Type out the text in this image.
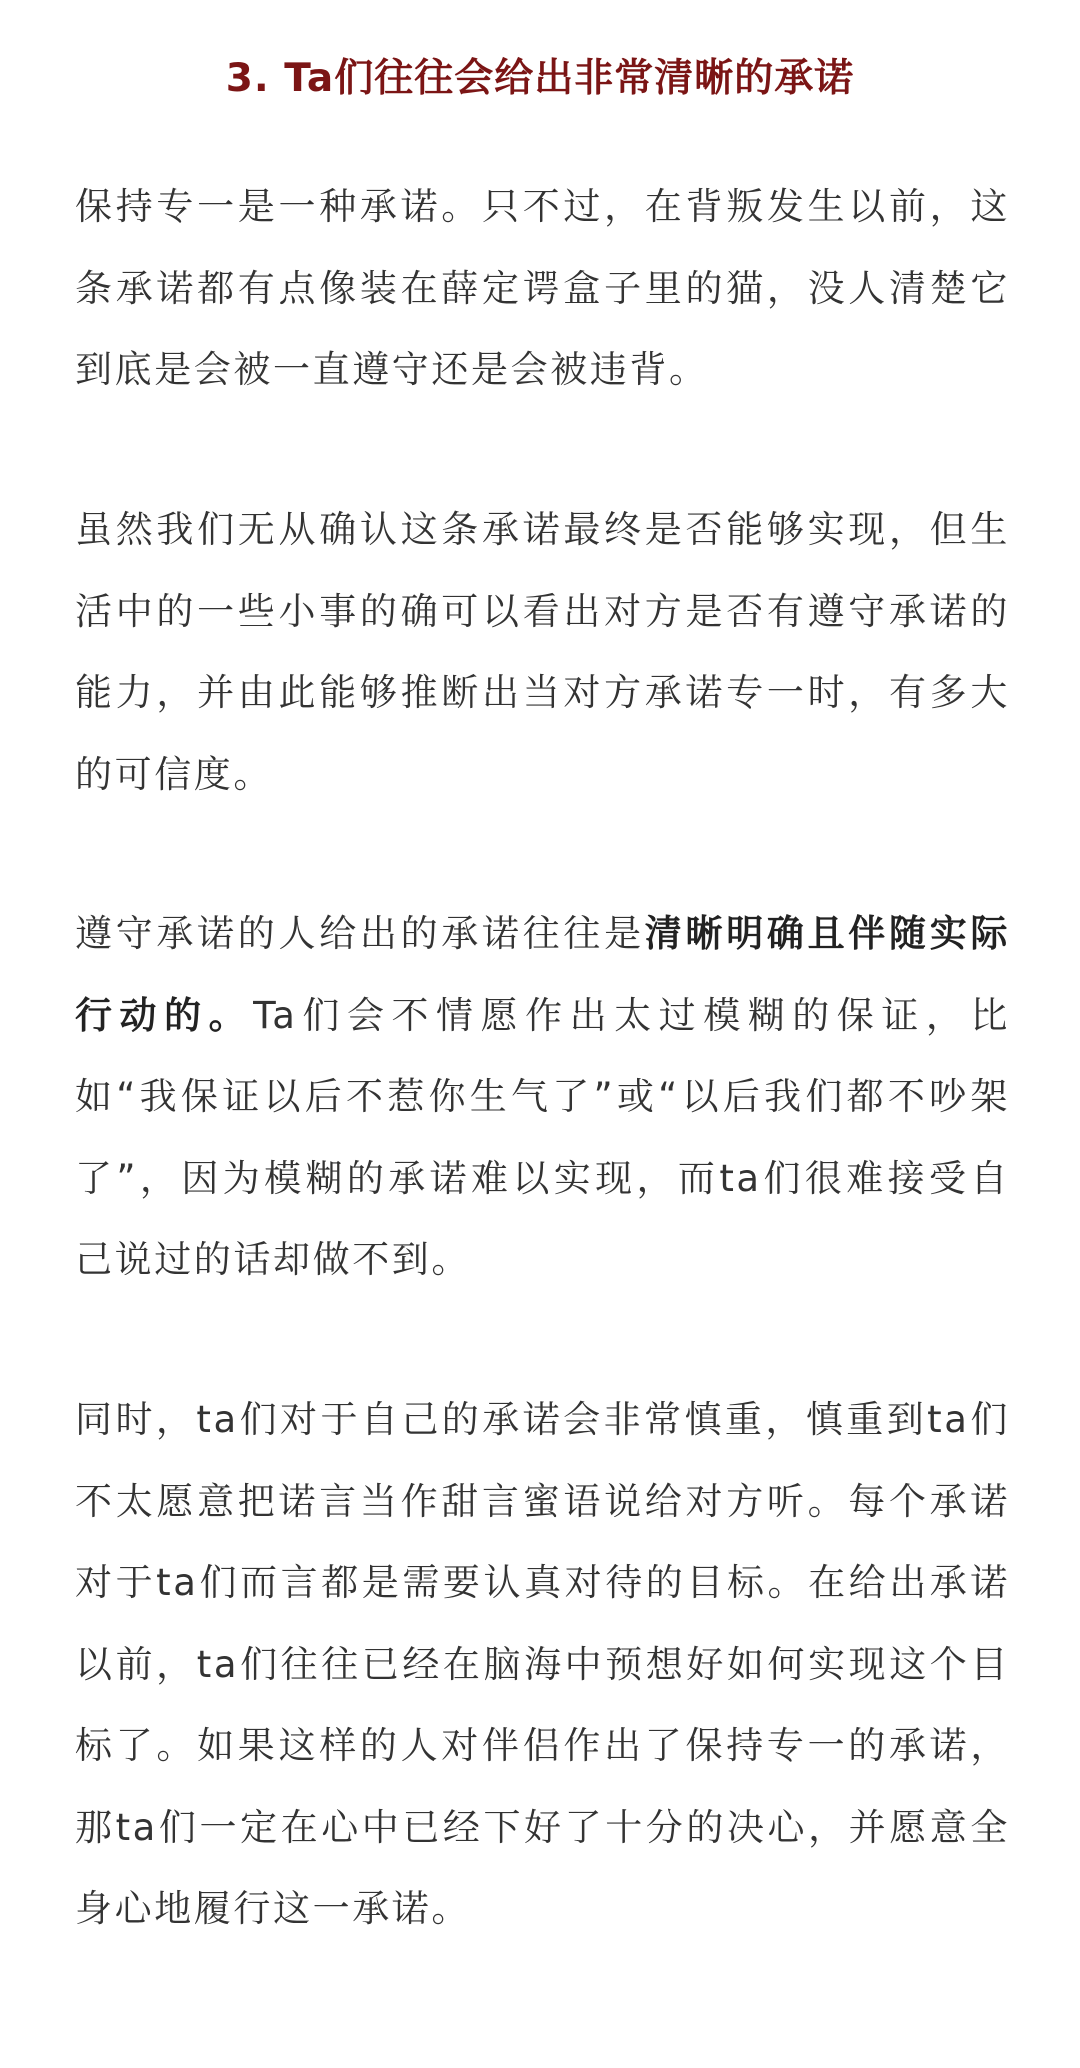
3. Ta们往往会给出非常清晰的承诺

保持专一是一种承诺。只不过，在背叛发生以前，这条承诺都有点像装在薛定谔盒子里的猫，没人清楚它到底是会被一直遵守还是会被违背。

虽然我们无从确认这条承诺最终是否能够实现，但生活中的一些小事的确可以看出对方是否有遵守承诺的能力，并由此能够推断出当对方承诺专一时，有多大的可信度。

遵守承诺的人给出的承诺往往是清晰明确且伴随实际行动的。Ta们会不情愿作出太过模糊的保证，比如“我保证以后不惹你生气了”或“以后我们都不吵架了”，因为模糊的承诺难以实现，而ta们很难接受自己说过的话却做不到。

同时，ta们对于自己的承诺会非常慎重，慎重到ta们不太愿意把诺言当作甜言蜜语说给对方听。每个承诺对于ta们而言都是需要认真对待的目标。在给出承诺以前，ta们往往已经在脑海中预想好如何实现这个目标了。如果这样的人对伴侣作出了保持专一的承诺，那ta们一定在心中已经下好了十分的决心，并愿意全身心地履行这一承诺。
